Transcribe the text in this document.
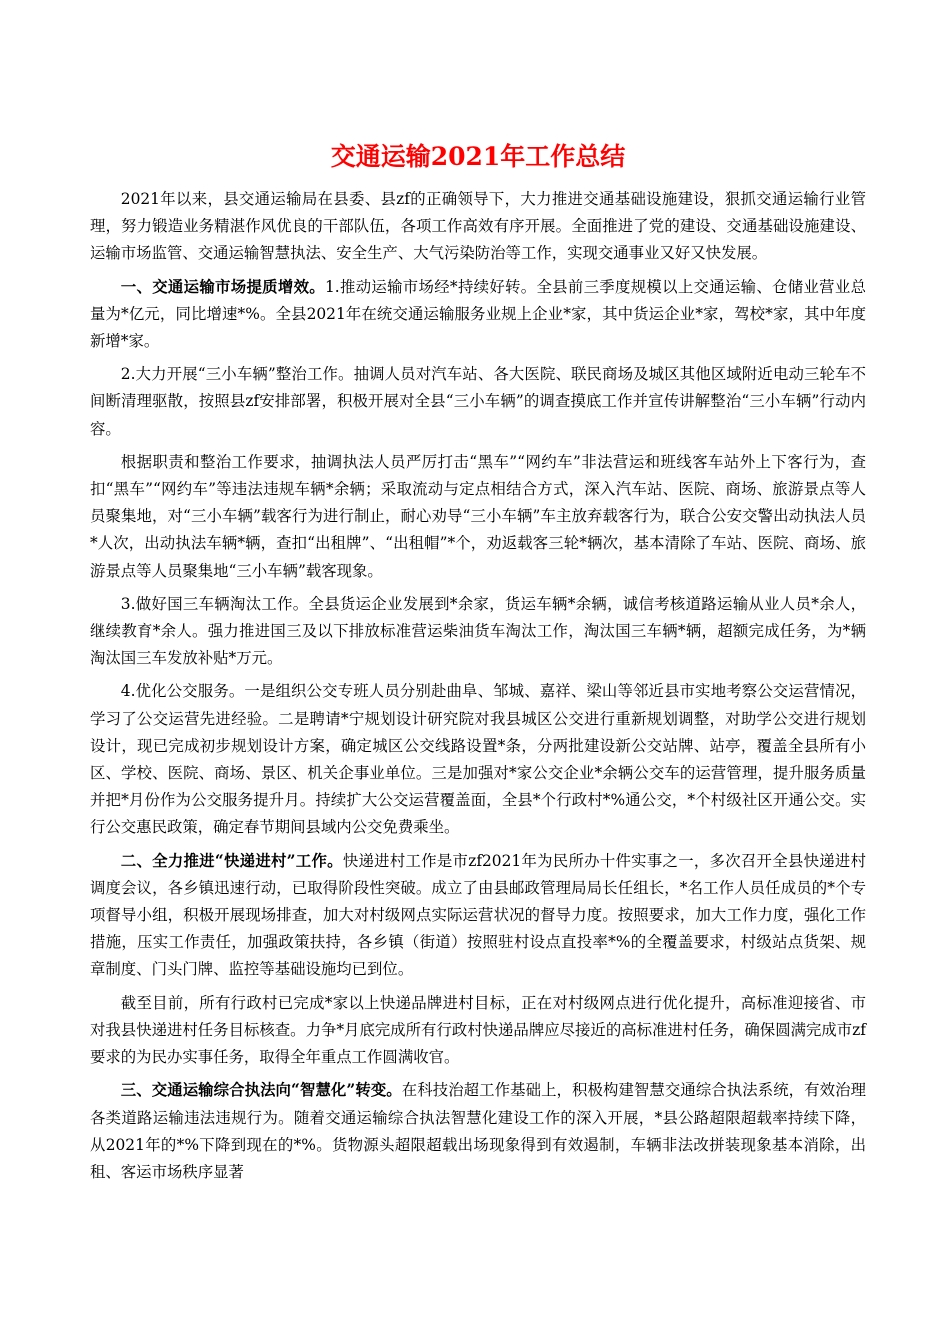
交通运输2021年工作总结

2021年以来，县交通运输局在县委、县zf的正确领导下，大力推进交通基础设施建设，狠抓交通运输行业管理，努力锻造业务精湛作风优良的干部队伍，各项工作高效有序开展。全面推进了党的建设、交通基础设施建设、运输市场监管、交通运输智慧执法、安全生产、大气污染防治等工作，实现交通事业又好又快发展。

一、交通运输市场提质增效。1.推动运输市场经*持续好转。全县前三季度规模以上交通运输、仓储业营业总量为*亿元，同比增速*%。全县2021年在统交通运输服务业规上企业*家，其中货运企业*家，驾校*家，其中年度新增*家。

2.大力开展“三小车辆”整治工作。抽调人员对汽车站、各大医院、联民商场及城区其他区域附近电动三轮车不间断清理驱散，按照县zf安排部署，积极开展对全县“三小车辆”的调查摸底工作并宣传讲解整治“三小车辆”行动内容。

根据职责和整治工作要求，抽调执法人员严厉打击“黑车”“网约车”非法营运和班线客车站外上下客行为，查扣“黑车”“网约车”等违法违规车辆*余辆；采取流动与定点相结合方式，深入汽车站、医院、商场、旅游景点等人员聚集地，对“三小车辆”载客行为进行制止，耐心劝导“三小车辆”车主放弃载客行为，联合公安交警出动执法人员*人次，出动执法车辆*辆，查扣“出租牌”、“出租帽”*个，劝返载客三轮*辆次，基本清除了车站、医院、商场、旅游景点等人员聚集地“三小车辆”载客现象。

3.做好国三车辆淘汰工作。全县货运企业发展到*余家，货运车辆*余辆，诚信考核道路运输从业人员*余人，继续教育*余人。强力推进国三及以下排放标准营运柴油货车淘汰工作，淘汰国三车辆*辆，超额完成任务，为*辆淘汰国三车发放补贴*万元。

4.优化公交服务。一是组织公交专班人员分别赴曲阜、邹城、嘉祥、梁山等邻近县市实地考察公交运营情况，学习了公交运营先进经验。二是聘请*宁规划设计研究院对我县城区公交进行重新规划调整，对助学公交进行规划设计，现已完成初步规划设计方案，确定城区公交线路设置*条，分两批建设新公交站牌、站亭，覆盖全县所有小区、学校、医院、商场、景区、机关企事业单位。三是加强对*家公交企业*余辆公交车的运营管理，提升服务质量并把*月份作为公交服务提升月。持续扩大公交运营覆盖面，全县*个行政村*%通公交，*个村级社区开通公交。实行公交惠民政策，确定春节期间县域内公交免费乘坐。

二、全力推进“快递进村”工作。快递进村工作是市zf2021年为民所办十件实事之一，多次召开全县快递进村调度会议，各乡镇迅速行动，已取得阶段性突破。成立了由县邮政管理局局长任组长，*名工作人员任成员的*个专项督导小组，积极开展现场排查，加大对村级网点实际运营状况的督导力度。按照要求，加大工作力度，强化工作措施，压实工作责任，加强政策扶持，各乡镇（街道）按照驻村设点直投率*%的全覆盖要求，村级站点货架、规章制度、门头门牌、监控等基础设施均已到位。

截至目前，所有行政村已完成*家以上快递品牌进村目标，正在对村级网点进行优化提升，高标准迎接省、市对我县快递进村任务目标核查。力争*月底完成所有行政村快递品牌应尽接近的高标准进村任务，确保圆满完成市zf要求的为民办实事任务，取得全年重点工作圆满收官。

三、交通运输综合执法向“智慧化”转变。在科技治超工作基础上，积极构建智慧交通综合执法系统，有效治理各类道路运输违法违规行为。随着交通运输综合执法智慧化建设工作的深入开展，*县公路超限超载率持续下降，从2021年的*%下降到现在的*%。货物源头超限超载出场现象得到有效遏制，车辆非法改拼装现象基本消除，出租、客运市场秩序显著
